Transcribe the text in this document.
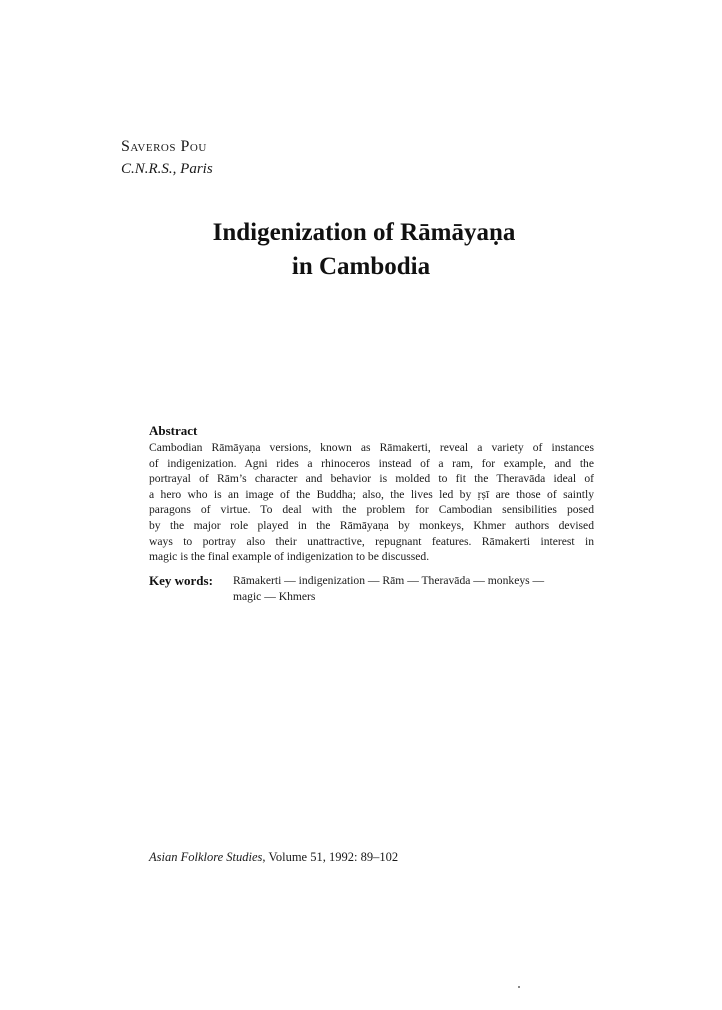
Saveros Pou
C.N.R.S., Paris
Indigenization of Rāmāyaṇa
in Cambodia
Abstract
Cambodian Rāmāyaṇa versions, known as Rāmakerti, reveal a variety of instances
of indigenization. Agni rides a rhinoceros instead of a ram, for example, and the
portrayal of Rām’s character and behavior is molded to fit the Theravāda ideal of
a hero who is an image of the Buddha; also, the lives led by ṛṣī are those of saintly
paragons of virtue. To deal with the problem for Cambodian sensibilities posed
by the major role played in the Rāmāyaṇa by monkeys, Khmer authors devised
ways to portray also their unattractive, repugnant features. Rāmakerti interest in
magic is the final example of indigenization to be discussed.
Key words:	Rāmakerti — indigenization — Rām — Theravāda — monkeys —
magic — Khmers
Asian Folklore Studies, Volume 51, 1992: 89–102
